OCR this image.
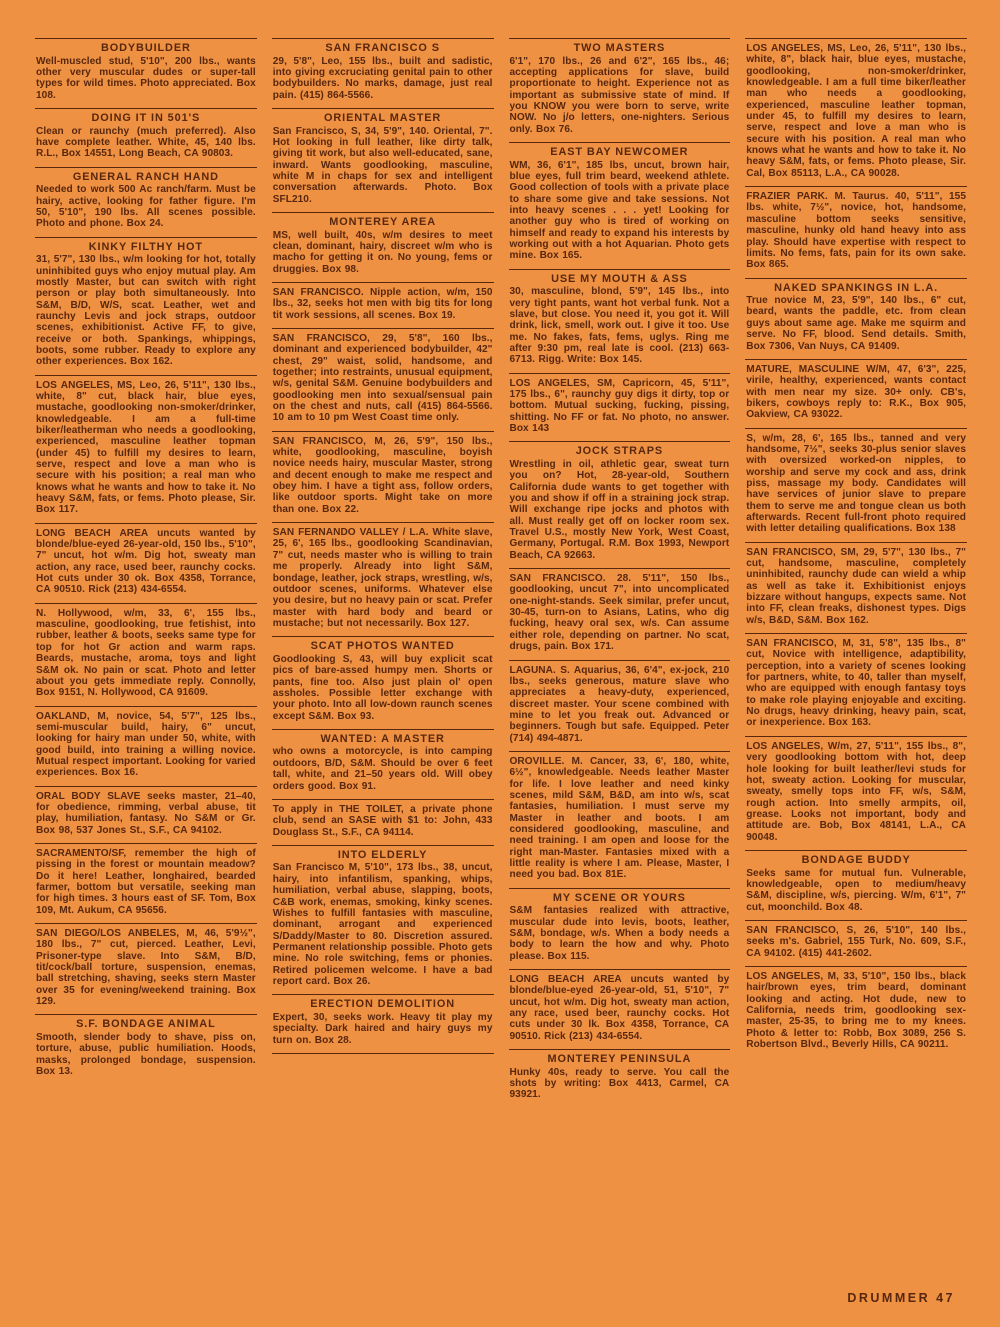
BODYBUILDER
Well-muscled stud, 5'10", 200 lbs., wants other very muscular dudes or super-tall types for wild times. Photo appreciated. Box 108.
DOING IT IN 501'S
Clean or raunchy (much preferred). Also have complete leather. White, 45, 140 lbs. R.L., Box 14551, Long Beach, CA 90803.
GENERAL RANCH HAND
Needed to work 500 Ac ranch/farm. Must be hairy, active, looking for father figure. I'm 50, 5'10", 190 lbs. All scenes possible. Photo and phone. Box 24.
KINKY FILTHY HOT
31, 5'7", 130 lbs., w/m looking for hot, totally uninhibited guys who enjoy mutual play. Am mostly Master, but can switch with right person or play both simultaneously. Into S&M, B/D, W/S, scat. Leather, wet and raunchy Levis and jock straps, outdoor scenes, exhibitionist. Active FF, to give, receive or both. Spankings, whippings, boots, some rubber. Ready to explore any other experiences. Box 162.
LOS ANGELES, MS, Leo, 26, 5'11", 130 lbs., white, 8" cut, black hair, blue eyes, mustache, goodlooking non-smoker/drinker, knowledgeable. I am a full-time biker/leatherman who needs a goodlooking, experienced, masculine leather topman (under 45) to fulfill my desires to learn, serve, respect and love a man who is secure with his position; a real man who knows what he wants and how to take it. No heavy S&M, fats, or fems. Photo please, Sir. Box 117.
LONG BEACH AREA uncuts wanted by blonde/blue-eyed 26-year-old, 150 lbs., 5'10", 7" uncut, hot w/m. Dig hot, sweaty man action, any race, used beer, raunchy cocks. Hot cuts under 30 ok. Box 4358, Torrance, CA 90510. Rick (213) 434-6554.
N. Hollywood, w/m, 33, 6', 155 lbs., masculine, goodlooking, true fetishist, into rubber, leather & boots, seeks same type for top for hot Gr action and warm raps. Beards, mustache, aroma, toys and light S&M ok. No pain or scat. Photo and letter about you gets immediate reply. Connolly, Box 9151, N. Hollywood, CA 91609.
OAKLAND, M, novice, 54, 5'7", 125 lbs., semi-muscular build, hairy, 6" uncut, looking for hairy man under 50, white, with good build, into training a willing novice. Mutual respect important. Looking for varied experiences. Box 16.
ORAL BODY SLAVE seeks master, 21–40, for obedience, rimming, verbal abuse, tit play, humiliation, fantasy. No S&M or Gr. Box 98, 537 Jones St., S.F., CA 94102.
SACRAMENTO/SF, remember the high of pissing in the forest or mountain meadow? Do it here! Leather, longhaired, bearded farmer, bottom but versatile, seeking man for high times. 3 hours east of SF. Tom, Box 109, Mt. Aukum, CA 95656.
SAN DIEGO/LOS ANBELES, M, 46, 5'9½", 180 lbs., 7" cut, pierced. Leather, Levi, Prisoner-type slave. Into S&M, B/D, tit/cock/ball torture, suspension, enemas, ball stretching, shaving, seeks stern Master over 35 for evening/weekend training. Box 129.
S.F. BONDAGE ANIMAL
Smooth, slender body to shave, piss on, torture, abuse, public humiliation. Hoods, masks, prolonged bondage, suspension. Box 13.
SAN FRANCISCO S
29, 5'8", Leo, 155 lbs., built and sadistic, into giving excruciating genital pain to other bodybuilders. No marks, damage, just real pain. (415) 864-5566.
ORIENTAL MASTER
San Francisco, S, 34, 5'9", 140. Oriental, 7". Hot looking in full leather, like dirty talk, giving tit work, but also well-educated, sane, inward. Wants goodlooking, masculine, white M in chaps for sex and intelligent conversation afterwards. Photo. Box SFL210.
MONTEREY AREA
MS, well built, 40s, w/m desires to meet clean, dominant, hairy, discreet w/m who is macho for getting it on. No young, fems or druggies. Box 98.
SAN FRANCISCO. Nipple action, w/m, 150 lbs., 32, seeks hot men with big tits for long tit work sessions, all scenes. Box 19.
SAN FRANCISCO, 29, 5'8", 160 lbs., dominant and experienced bodybuilder, 42" chest, 29" waist, solid, handsome, and together; into restraints, unusual equipment, w/s, genital S&M. Genuine bodybuilders and goodlooking men into sexual/sensual pain on the chest and nuts, call (415) 864-5566. 10 am to 10 pm West Coast time only.
SAN FRANCISCO, M, 26, 5'9", 150 lbs., white, goodlooking, masculine, boyish novice needs hairy, muscular Master, strong and decent enough to make me respect and obey him. I have a tight ass, follow orders, like outdoor sports. Might take on more than one. Box 22.
SAN FERNANDO VALLEY / L.A. White slave, 25, 6', 165 lbs., goodlooking Scandinavian, 7" cut, needs master who is willing to train me properly. Already into light S&M, bondage, leather, jock straps, wrestling, w/s, outdoor scenes, uniforms. Whatever else you desire, but no heavy pain or scat. Prefer master with hard body and beard or mustache; but not necessarily. Box 127.
SCAT PHOTOS WANTED
Goodlooking S, 43, will buy explicit scat pics of bare-assed humpy men. Shorts or pants, fine too. Also just plain ol' open assholes. Possible letter exchange with your photo. Into all low-down raunch scenes except S&M. Box 93.
WANTED: A MASTER
who owns a motorcycle, is into camping outdoors, B/D, S&M. Should be over 6 feet tall, white, and 21–50 years old. Will obey orders good. Box 91.
To apply in THE TOILET, a private phone club, send an SASE with $1 to: John, 433 Douglass St., S.F., CA 94114.
INTO ELDERLY
San Francisco M, 5'10", 173 lbs., 38, uncut, hairy, into infantilism, spanking, whips, humiliation, verbal abuse, slapping, boots, C&B work, enemas, smoking, kinky scenes. Wishes to fulfill fantasies with masculine, dominant, arrogant and experienced S/Daddy/Master to 80. Discretion assured. Permanent relationship possible. Photo gets mine. No role switching, fems or phonies. Retired policemen welcome. I have a bad report card. Box 26.
ERECTION DEMOLITION
Expert, 30, seeks work. Heavy tit play my specialty. Dark haired and hairy guys my turn on. Box 28.
TWO MASTERS
6'1", 170 lbs., 26 and 6'2", 165 lbs., 46; accepting applications for slave, build proportionate to height. Experience not as important as submissive state of mind. If you KNOW you were born to serve, write NOW. No j/o letters, one-nighters. Serious only. Box 76.
EAST BAY NEWCOMER
WM, 36, 6'1", 185 lbs, uncut, brown hair, blue eyes, full trim beard, weekend athlete. Good collection of tools with a private place to share some give and take sessions. Not into heavy scenes . . . yet! Looking for another guy who is tired of working on himself and ready to expand his interests by working out with a hot Aquarian. Photo gets mine. Box 165.
USE MY MOUTH & ASS
30, masculine, blond, 5'9", 145 lbs., into very tight pants, want hot verbal funk. Not a slave, but close. You need it, you got it. Will drink, lick, smell, work out. I give it too. Use me. No fakes, fats, fems, uglys. Ring me after 9:30 pm, real late is cool. (213) 663-6713. Rigg. Write: Box 145.
LOS ANGELES, SM, Capricorn, 45, 5'11", 175 lbs., 6", raunchy guy digs it dirty, top or bottom. Mutual sucking, fucking, pissing, shitting. No FF or fat. No photo, no answer. Box 143
JOCK STRAPS
Wrestling in oil, athletic gear, sweat turn you on? Hot, 28-year-old, Southern California dude wants to get together with you and show if off in a straining jock strap. Will exchange ripe jocks and photos with all. Must really get off on locker room sex. Travel U.S., mostly New York, West Coast, Germany, Portugal. R.M. Box 1993, Newport Beach, CA 92663.
SAN FRANCISCO. 28. 5'11", 150 lbs., goodlooking, uncut 7", into uncomplicated one-night-stands. Seek similar, prefer uncut, 30-45, turn-on to Asians, Latins, who dig fucking, heavy oral sex, w/s. Can assume either role, depending on partner. No scat, drugs, pain. Box 171.
LAGUNA. S. Aquarius, 36, 6'4", ex-jock, 210 lbs., seeks generous, mature slave who appreciates a heavy-duty, experienced, discreet master. Your scene combined with mine to let you freak out. Advanced or beginners. Tough but safe. Equipped. Peter (714) 494-4871.
OROVILLE. M. Cancer, 33, 6', 180, white, 6½", knowledgeable. Needs leather Master for life. I love leather and need kinky scenes, mild S&M, B&D, am into w/s, scat fantasies, humiliation. I must serve my Master in leather and boots. I am considered goodlooking, masculine, and need training. I am open and loose for the right man-Master. Fantasies mixed with a little reality is where I am. Please, Master, I need you bad. Box 81E.
MY SCENE OR YOURS
S&M fantasies realized with attractive, muscular dude into levis, boots, leather, S&M, bondage, w/s. When a body needs a body to learn the how and why. Photo please. Box 115.
LONG BEACH AREA uncuts wanted by blonde/blue-eyed 26-year-old, 51, 5'10", 7" uncut, hot w/m. Dig hot, sweaty man action, any race, used beer, raunchy cocks. Hot cuts under 30 lk. Box 4358, Torrance, CA 90510. Rick (213) 434-6554.
MONTEREY PENINSULA
Hunky 40s, ready to serve. You call the shots by writing: Box 4413, Carmel, CA 93921.
LOS ANGELES, MS, Leo, 26, 5'11", 130 lbs., white, 8", black hair, blue eyes, mustache, goodlooking, non-smoker/drinker, knowledgeable. I am a full time biker/leather man who needs a goodlooking, experienced, masculine leather topman, under 45, to fulfill my desires to learn, serve, respect and love a man who is secure with his position. A real man who knows what he wants and how to take it. No heavy S&M, fats, or fems. Photo please, Sir. Cal, Box 85113, L.A., CA 90028.
FRAZIER PARK. M. Taurus. 40, 5'11", 155 lbs. white, 7½", novice, hot, handsome, masculine bottom seeks sensitive, masculine, hunky old hand heavy into ass play. Should have expertise with respect to limits. No fems, fats, pain for its own sake. Box 865.
NAKED SPANKINGS IN L.A.
True novice M, 23, 5'9", 140 lbs., 6" cut, beard, wants the paddle, etc. from clean guys about same age. Make me squirm and serve. No FF, blood. Send details. Smith, Box 7306, Van Nuys, CA 91409.
MATURE, MASCULINE W/M, 47, 6'3", 225, virile, healthy, experienced, wants contact with men near my size. 30+ only. CB's, bikers, cowboys reply to: R.K., Box 905, Oakview, CA 93022.
S, w/m, 28, 6', 165 lbs., tanned and very handsome, 7½", seeks 30-plus senior slaves with oversized worked-on nipples, to worship and serve my cock and ass, drink piss, massage my body. Candidates will have services of junior slave to prepare them to serve me and tongue clean us both afterwards. Recent full-front photo required with letter detailing qualifications. Box 138
SAN FRANCISCO, SM, 29, 5'7", 130 lbs., 7" cut, handsome, masculine, completely uninhibited, raunchy dude can wield a whip as well as take it. Exhibitionist enjoys bizzare without hangups, expects same. Not into FF, clean freaks, dishonest types. Digs w/s, B&D, S&M. Box 162.
SAN FRANCISCO, M, 31, 5'8", 135 lbs., 8" cut, Novice with intelligence, adaptibility, perception, into a variety of scenes looking for partners, white, to 40, taller than myself, who are equipped with enough fantasy toys to make role playing enjoyable and exciting. No drugs, heavy drinking, heavy pain, scat, or inexperience. Box 163.
LOS ANGELES, W/m, 27, 5'11", 155 lbs., 8", very goodlooking bottom with hot, deep hole looking for built leather/levi studs for hot, sweaty action. Looking for muscular, sweaty, smelly tops into FF, w/s, S&M, rough action. Into smelly armpits, oil, grease. Looks not important, body and attitude are. Bob, Box 48141, L.A., CA 90048.
BONDAGE BUDDY
Seeks same for mutual fun. Vulnerable, knowledgeable, open to medium/heavy S&M, discipline, w/s, piercing. W/m, 6'1", 7" cut, moonchild. Box 48.
SAN FRANCISCO, S, 26, 5'10", 140 lbs., seeks m's. Gabriel, 155 Turk, No. 609, S.F., CA 94102. (415) 441-2602.
LOS ANGELES, M, 33, 5'10", 150 lbs., black hair/brown eyes, trim beard, dominant looking and acting. Hot dude, new to California, needs trim, goodlooking sex-master, 25-35, to bring me to my knees. Photo & letter to: Robb, Box 3089, 256 S. Robertson Blvd., Beverly Hills, CA 90211.
DRUMMER 47
